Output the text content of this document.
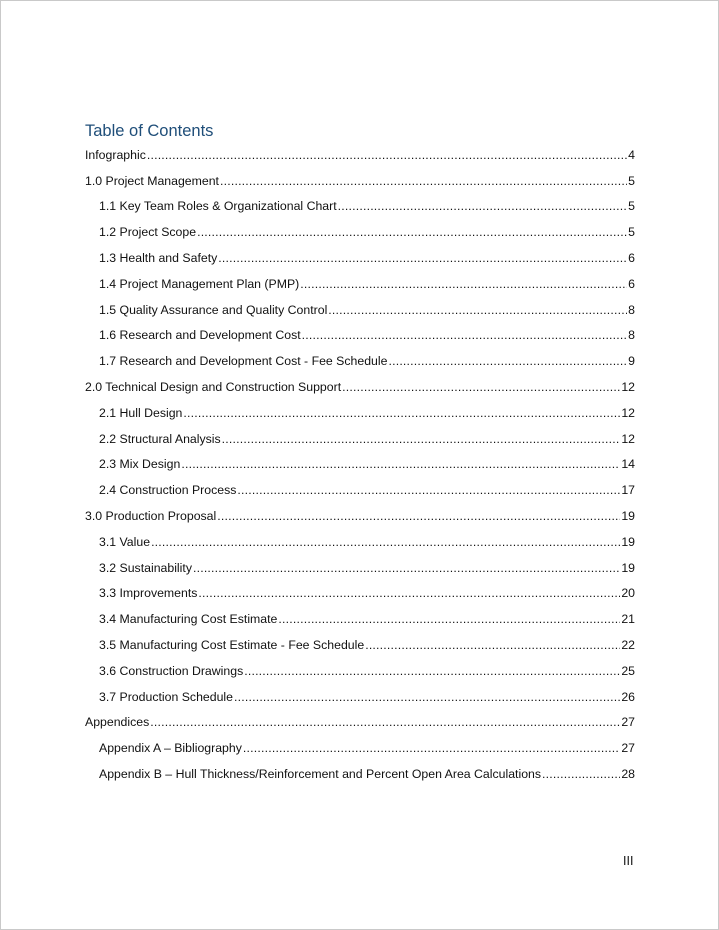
Table of Contents
Infographic .....	4
1.0 Project Management .....	5
1.1 Key Team Roles & Organizational Chart .....	5
1.2 Project Scope .....	5
1.3 Health and Safety .....	6
1.4 Project Management Plan (PMP) .....	6
1.5 Quality Assurance and Quality Control .....	8
1.6 Research and Development Cost .....	8
1.7 Research and Development Cost - Fee Schedule .....	9
2.0 Technical Design and Construction Support .....	12
2.1 Hull Design .....	12
2.2 Structural Analysis .....	12
2.3 Mix Design .....	14
2.4 Construction Process .....	17
3.0 Production Proposal .....	19
3.1 Value .....	19
3.2 Sustainability .....	19
3.3 Improvements .....	20
3.4 Manufacturing Cost Estimate .....	21
3.5 Manufacturing Cost Estimate - Fee Schedule .....	22
3.6 Construction Drawings .....	25
3.7 Production Schedule .....	26
Appendices .....	27
Appendix A – Bibliography .....	27
Appendix B – Hull Thickness/Reinforcement and Percent Open Area Calculations .....	28
III
